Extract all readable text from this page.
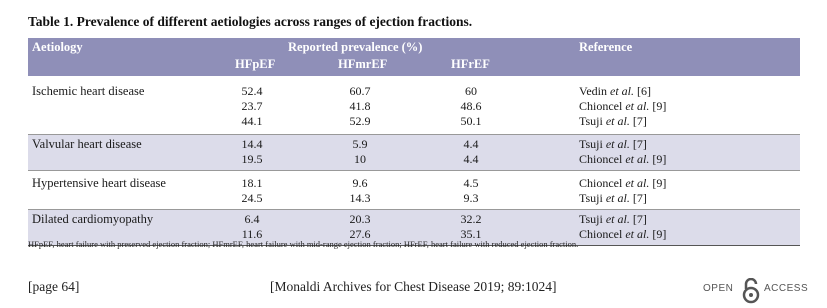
Table 1. Prevalence of different aetiologies across ranges of ejection fractions.
Aetiology	Reported prevalence (%)	Reference
HFpEF	HFmrEF	HFrEF
Ischemic heart disease	52.4	60.7	60	Vedin et al. [6]
23.7	41.8	48.6	Chioncel et al. [9]
44.1	52.9	50.1	Tsuji et al. [7]
Valvular heart disease	14.4	5.9	4.4	Tsuji et al. [7]
19.5	10	4.4	Chioncel et al. [9]
Hypertensive heart disease	18.1	9.6	4.5	Chioncel et al. [9]
24.5	14.3	9.3	Tsuji et al. [7]
Dilated cardiomyopathy	6.4	20.3	32.2	Tsuji et al. [7]
11.6	27.6	35.1	Chioncel et al. [9]
HFpEF, heart failure with preserved ejection fraction; HFmrEF, heart failure with mid-range ejection fraction; HFrEF, heart failure with reduced ejection fraction.
[page 64]	[Monaldi Archives for Chest Disease 2019; 89:1024]	OPEN	ACCESS
